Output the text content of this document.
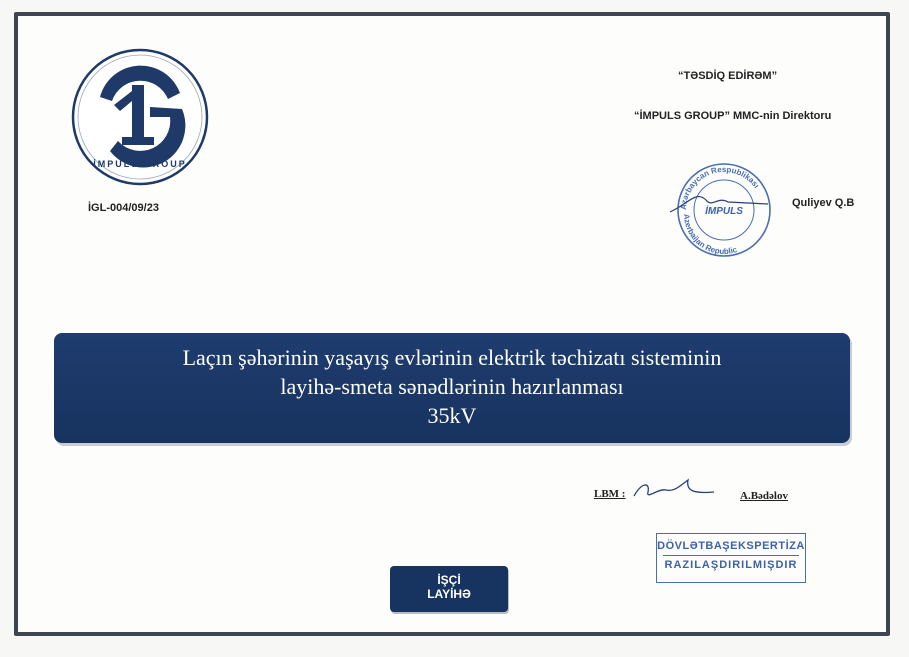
İMPULS GROUP
İGL-004/09/23
“TƏSDİQ EDİRƏM”
“İMPULS GROUP” MMC-nin Direktoru
Azərbaycan Respublikası
Azerbaijan Republic
İMPULS
Quliyev Q.B
Laçın şəhərinin yaşayış evlərinin elektrik təchizatı sisteminin
layihə-smeta sənədlərinin hazırlanması
35kV
LBM :	A.Bədəlov
DÖVLƏTBAŞEKSPERTİZA
RAZILAŞDIRILMIŞDIR
İŞÇİ
LAYİHƏ
